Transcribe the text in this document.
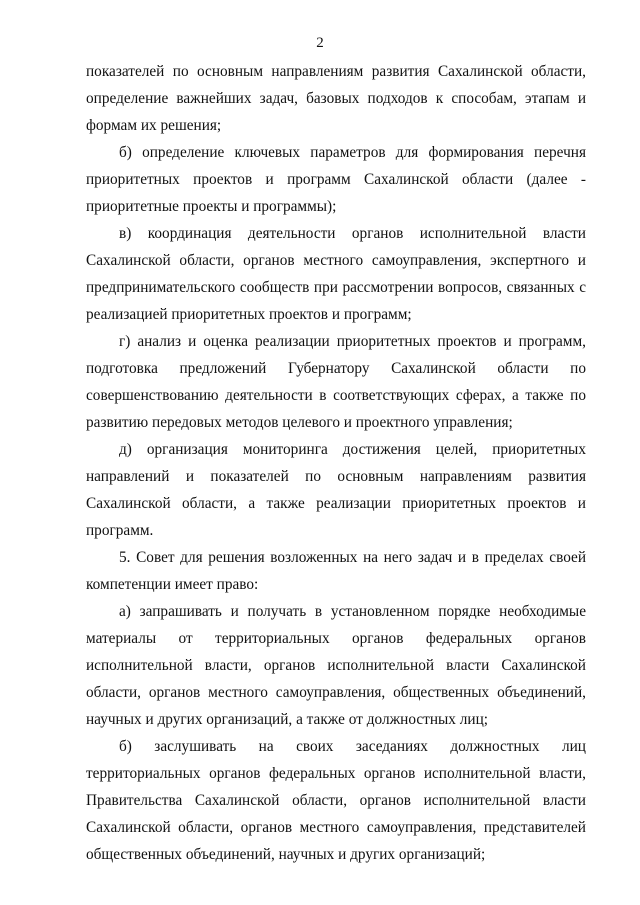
2

показателей по основным направлениям развития Сахалинской области,
определение важнейших задач, базовых подходов к способам, этапам и
формам их решения;

б) определение ключевых параметров для формирования перечня
приоритетных проектов и программ Сахалинской области (далее -
приоритетные проекты и программы);

в) координация деятельности органов исполнительной власти
Сахалинской области, органов местного самоуправления, экспертного и
предпринимательского сообществ при рассмотрении вопросов, связанных с
реализацией приоритетных проектов и программ;

г) анализ и оценка реализации приоритетных проектов и программ,
подготовка предложений Губернатору Сахалинской области по
совершенствованию деятельности в соответствующих сферах, а также по
развитию передовых методов целевого и проектного управления;

д) организация мониторинга достижения целей, приоритетных
направлений и показателей по основным направлениям развития
Сахалинской области, а также реализации приоритетных проектов и
программ.

5. Совет для решения возложенных на него задач и в пределах своей
компетенции имеет право:

а) запрашивать и получать в установленном порядке необходимые
материалы от территориальных органов федеральных органов
исполнительной власти, органов исполнительной власти Сахалинской
области, органов местного самоуправления, общественных объединений,
научных и других организаций, а также от должностных лиц;

б) заслушивать на своих заседаниях должностных лиц
территориальных органов федеральных органов исполнительной власти,
Правительства Сахалинской области, органов исполнительной власти
Сахалинской области, органов местного самоуправления, представителей
общественных объединений, научных и других организаций;
